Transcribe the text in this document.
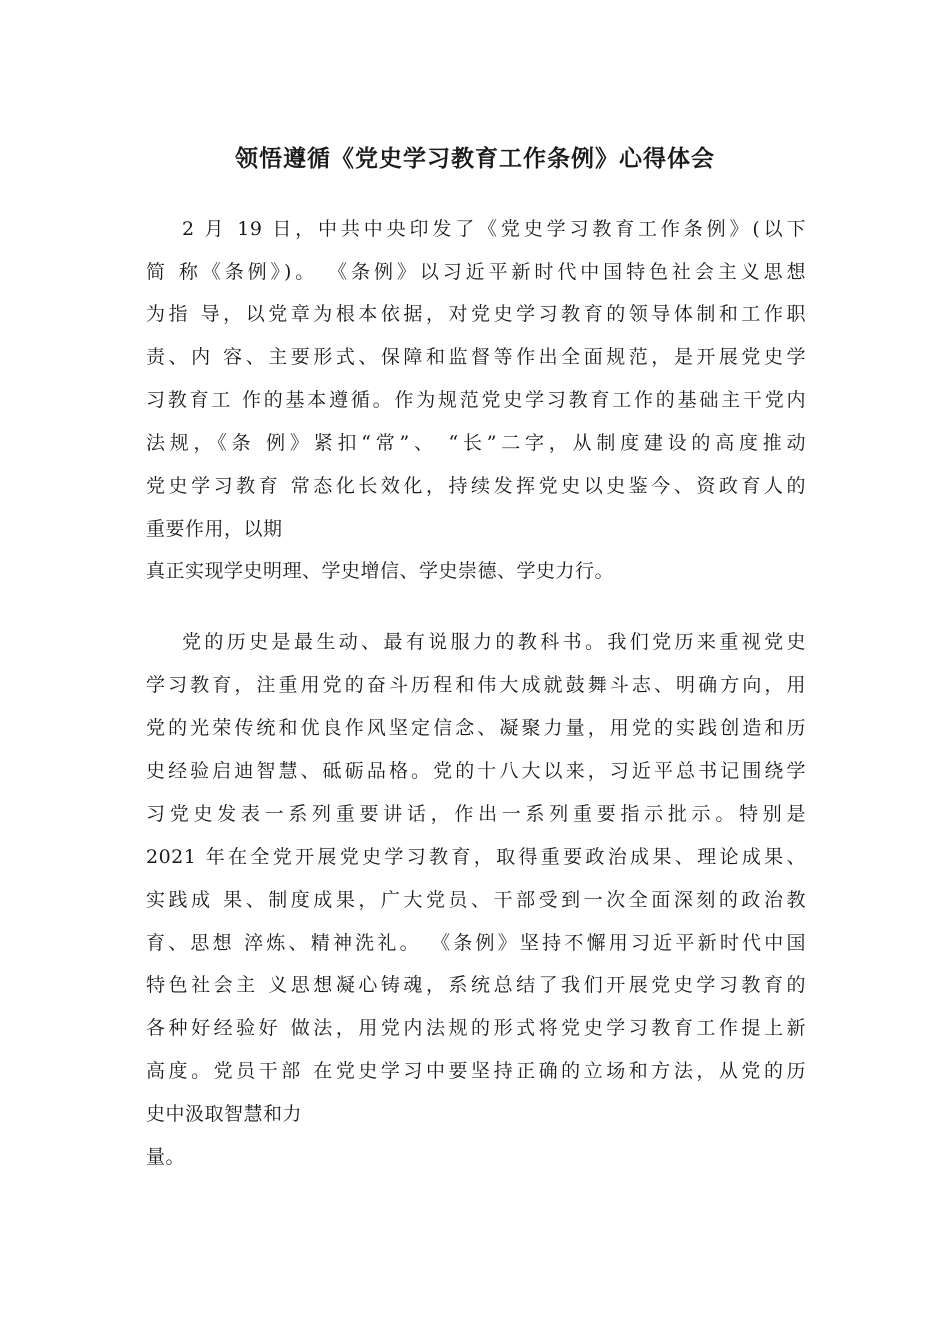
领悟遵循《党史学习教育工作条例》心得体会
2 月 19 日，中共中央印发了《党史学习教育工作条例》(以下
简 称《条例》)。 《条例》以习近平新时代中国特色社会主义思想
为指 导，以党章为根本依据，对党史学习教育的领导体制和工作职
责、内 容、主要形式、保障和监督等作出全面规范，是开展党史学
习教育工 作的基本遵循。作为规范党史学习教育工作的基础主干党内
法规，《条 例》紧扣“常”、 “长”二字，从制度建设的高度推动
党史学习教育 常态化长效化，持续发挥党史以史鉴今、资政育人的
重要作用，以期
真正实现学史明理、学史增信、学史崇德、学史力行。
党的历史是最生动、最有说服力的教科书。我们党历来重视党史
学习教育，注重用党的奋斗历程和伟大成就鼓舞斗志、明确方向，用
党的光荣传统和优良作风坚定信念、凝聚力量，用党的实践创造和历
史经验启迪智慧、砥砺品格。党的十八大以来，习近平总书记围绕学
习党史发表一系列重要讲话，作出一系列重要指示批示。特别是
2021 年在全党开展党史学习教育，取得重要政治成果、理论成果、
实践成 果、制度成果，广大党员、干部受到一次全面深刻的政治教
育、思想 淬炼、精神洗礼。 《条例》坚持不懈用习近平新时代中国
特色社会主 义思想凝心铸魂，系统总结了我们开展党史学习教育的
各种好经验好 做法，用党内法规的形式将党史学习教育工作提上新
高度。党员干部 在党史学习中要坚持正确的立场和方法，从党的历
史中汲取智慧和力
量。
